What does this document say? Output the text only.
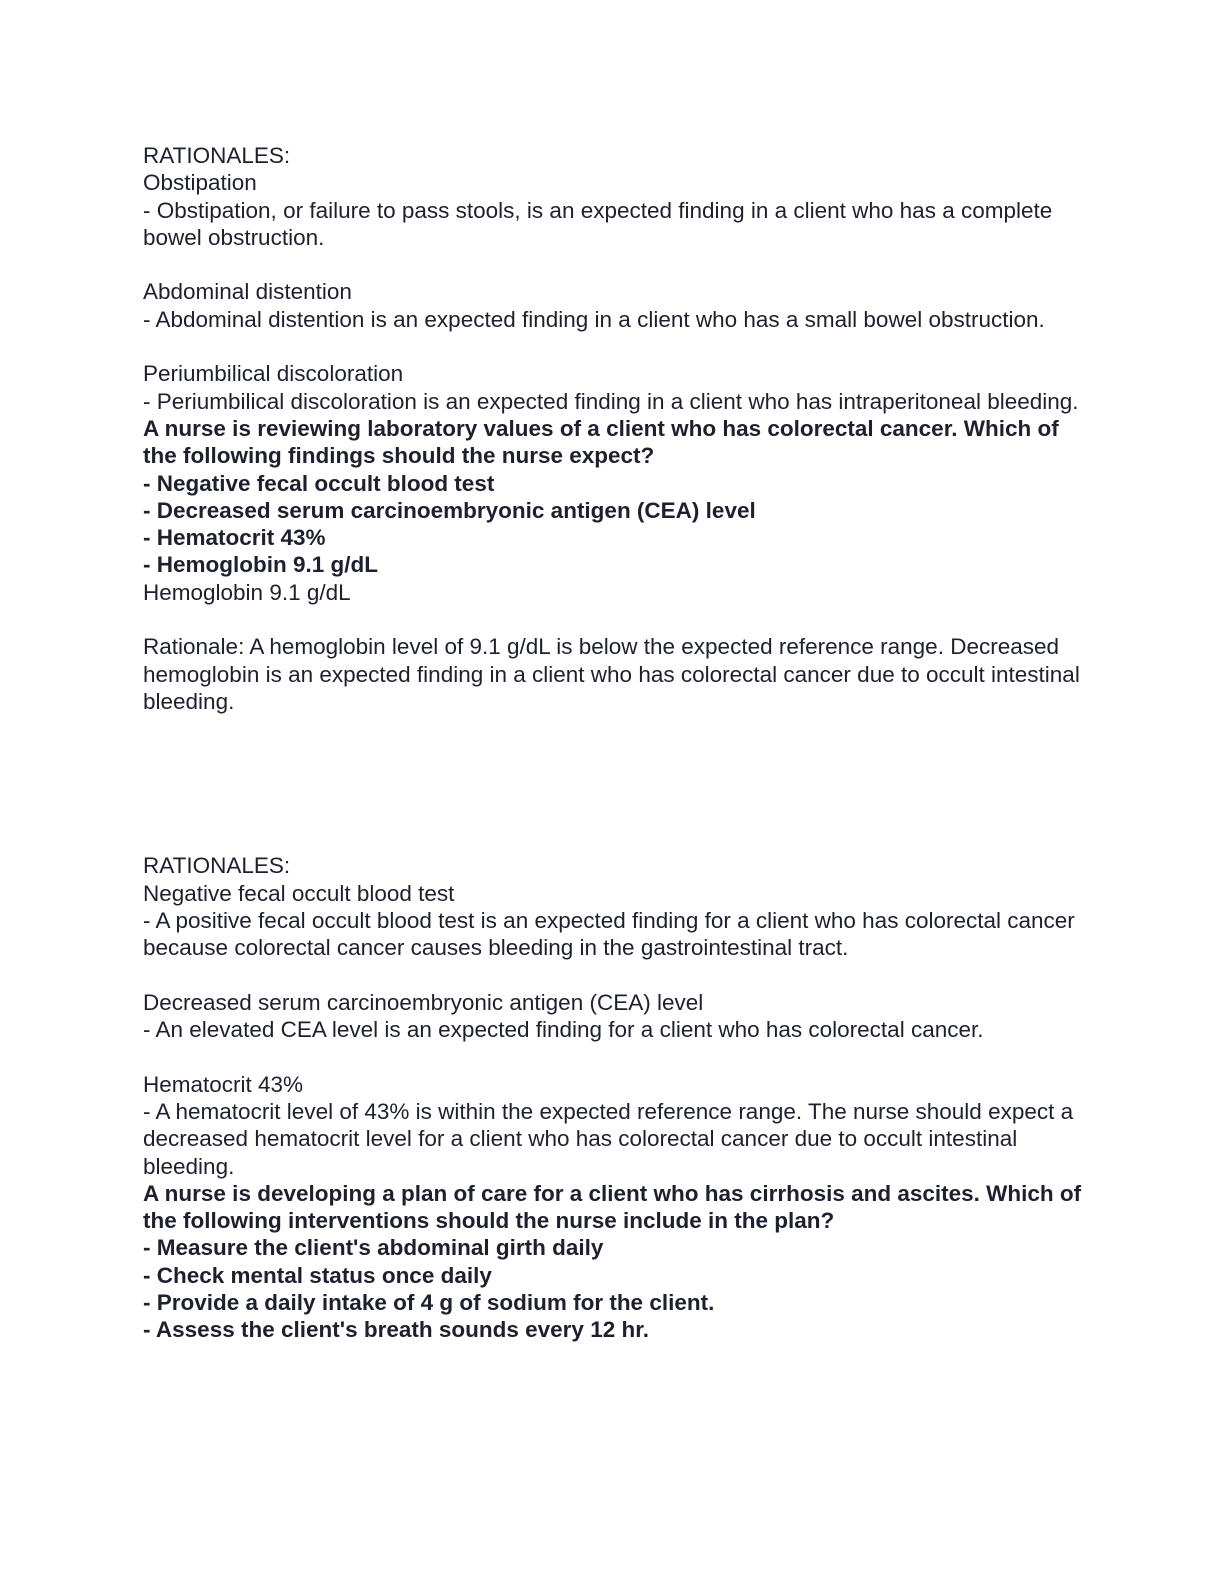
RATIONALES:

Obstipation

- Obstipation, or failure to pass stools, is an expected finding in a client who has a complete bowel obstruction.

Abdominal distention

- Abdominal distention is an expected finding in a client who has a small bowel obstruction.

Periumbilical discoloration

- Periumbilical discoloration is an expected finding in a client who has intraperitoneal bleeding.

A nurse is reviewing laboratory values of a client who has colorectal cancer. Which of the following findings should the nurse expect?

- Negative fecal occult blood test

- Decreased serum carcinoembryonic antigen (CEA) level

- Hematocrit 43%

- Hemoglobin 9.1 g/dL

Hemoglobin 9.1 g/dL

Rationale: A hemoglobin level of 9.1 g/dL is below the expected reference range. Decreased hemoglobin is an expected finding in a client who has colorectal cancer due to occult intestinal bleeding.

RATIONALES:

Negative fecal occult blood test

- A positive fecal occult blood test is an expected finding for a client who has colorectal cancer because colorectal cancer causes bleeding in the gastrointestinal tract.

Decreased serum carcinoembryonic antigen (CEA) level

- An elevated CEA level is an expected finding for a client who has colorectal cancer.

Hematocrit 43%

- A hematocrit level of 43% is within the expected reference range. The nurse should expect a decreased hematocrit level for a client who has colorectal cancer due to occult intestinal bleeding.

A nurse is developing a plan of care for a client who has cirrhosis and ascites. Which of the following interventions should the nurse include in the plan?

- Measure the client's abdominal girth daily

- Check mental status once daily

- Provide a daily intake of 4 g of sodium for the client.

- Assess the client's breath sounds every 12 hr.
